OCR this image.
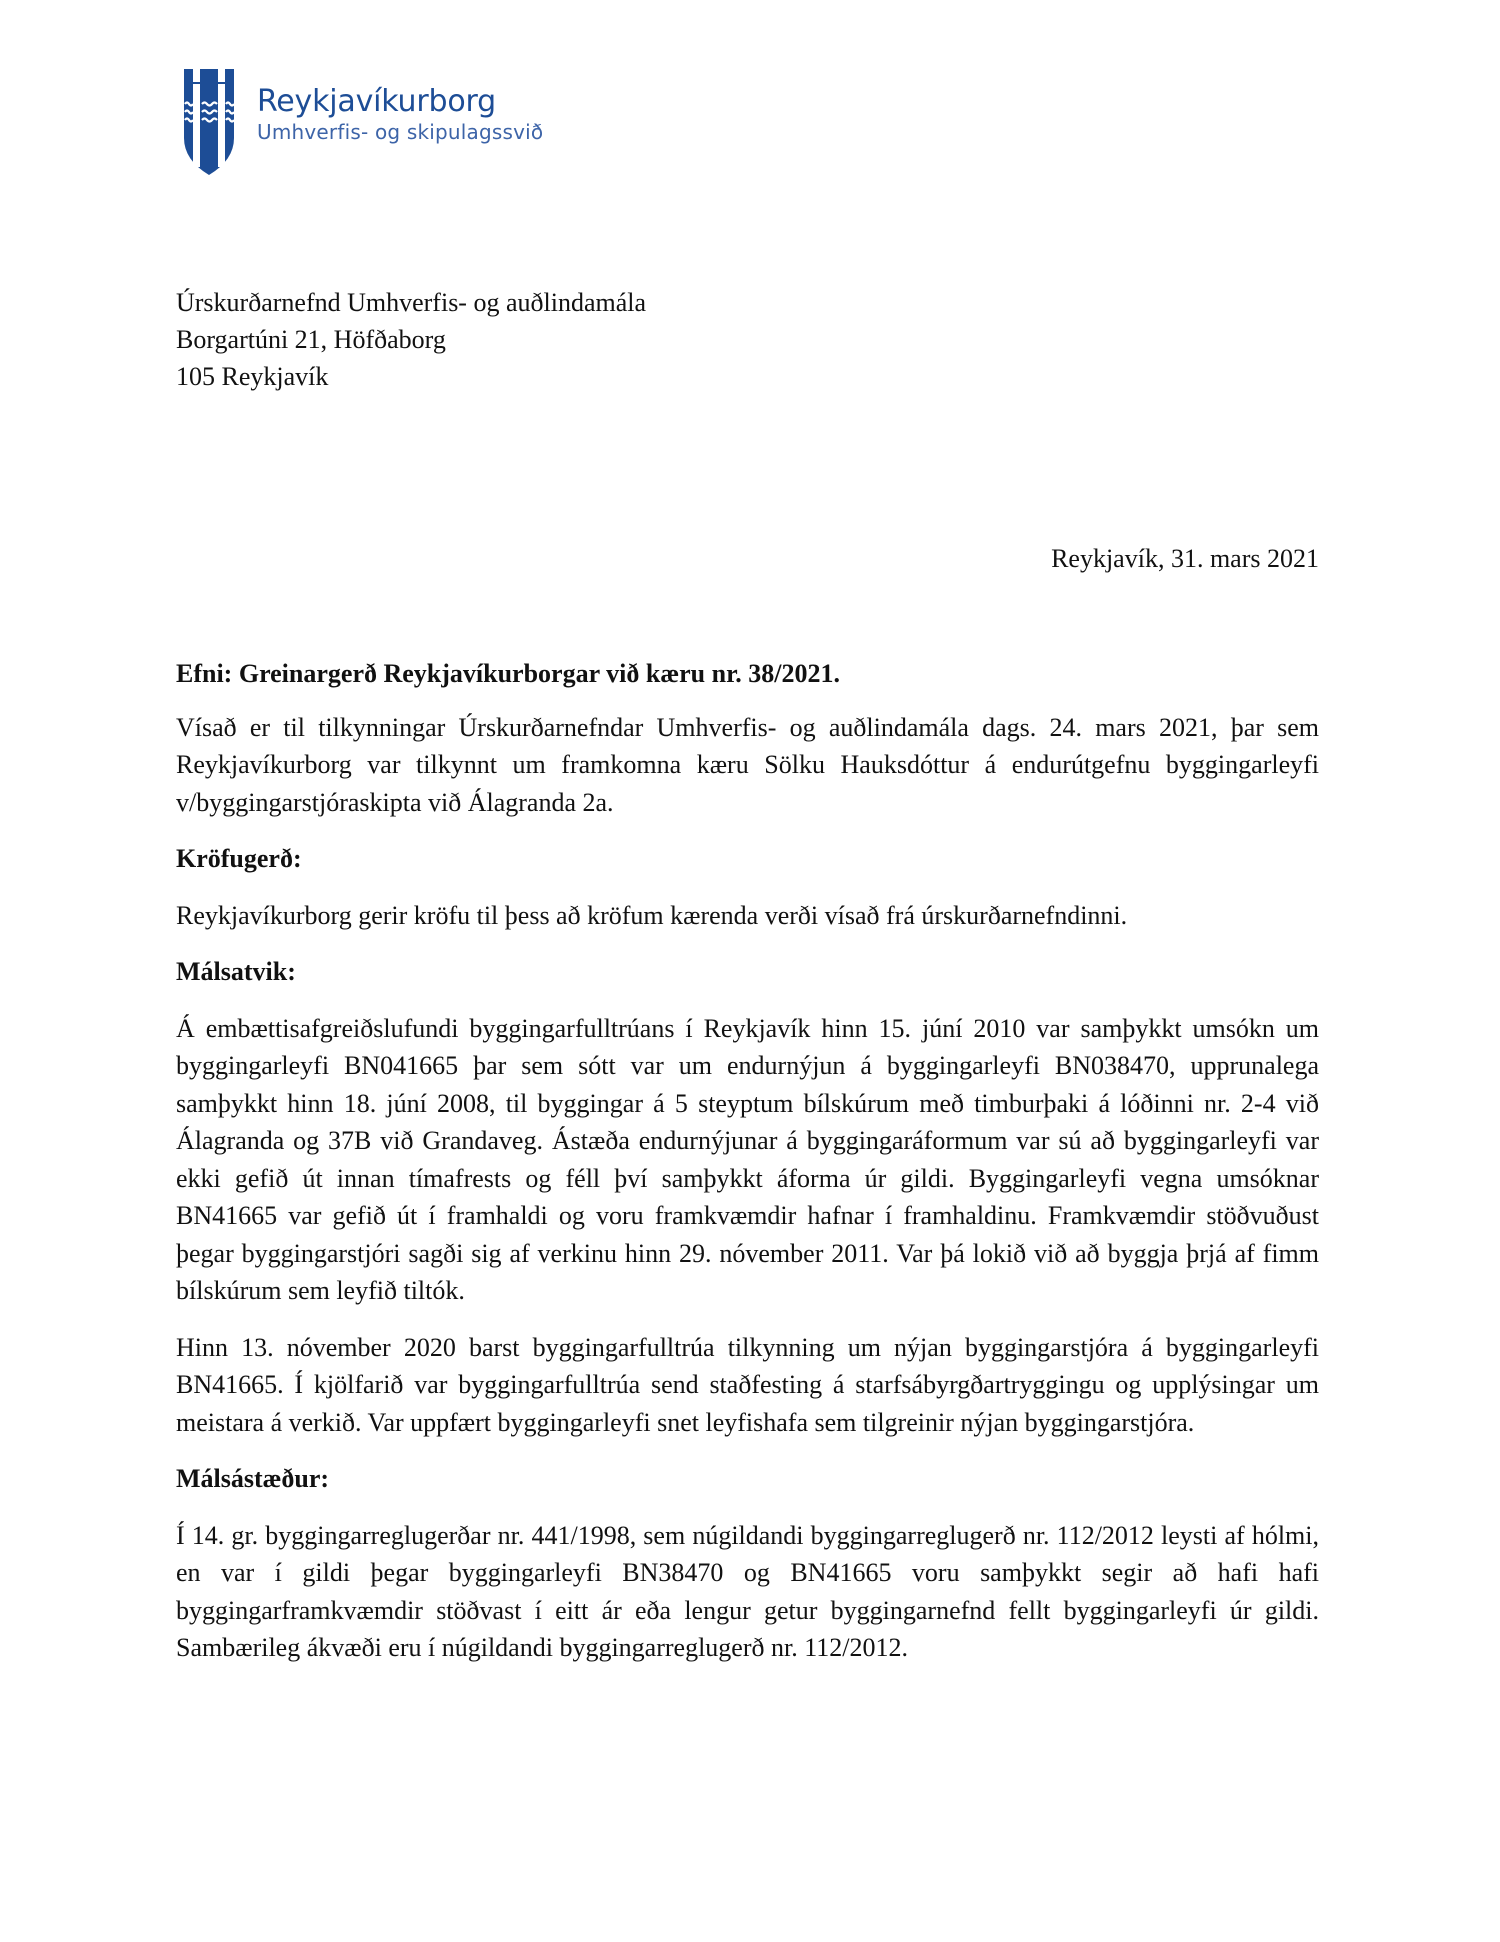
Reykjavíkurborg
Umhverfis- og skipulagssvið
Úrskurðarnefnd Umhverfis- og auðlindamála
Borgartúni 21, Höfðaborg
105 Reykjavík
Reykjavík, 31. mars 2021

Efni: Greinargerð Reykjavíkurborgar við kæru nr. 38/2021.

Vísað er til tilkynningar Úrskurðarnefndar Umhverfis- og auðlindamála dags. 24. mars 2021, þar sem Reykjavíkurborg var tilkynnt um framkomna kæru Sölku Hauksdóttur á endurútgefnu byggingarleyfi v/byggingarstjóraskipta við Álagranda 2a.

Kröfugerð:

Reykjavíkurborg gerir kröfu til þess að kröfum kærenda verði vísað frá úrskurðarnefndinni.

Málsatvik:

Á embættisafgreiðslufundi byggingarfulltrúans í Reykjavík hinn 15. júní 2010 var samþykkt umsókn um byggingarleyfi BN041665 þar sem sótt var um endurnýjun á byggingarleyfi BN038470, upprunalega samþykkt hinn 18. júní 2008, til byggingar á 5 steyptum bílskúrum með timburþaki á lóðinni nr. 2-4 við Álagranda og 37B við Grandaveg. Ástæða endurnýjunar á byggingaráformum var sú að byggingarleyfi var ekki gefið út innan tímafrests og féll því samþykkt áforma úr gildi. Byggingarleyfi vegna umsóknar BN41665 var gefið út í framhaldi og voru framkvæmdir hafnar í framhaldinu. Framkvæmdir stöðvuðust þegar byggingarstjóri sagði sig af verkinu hinn 29. nóvember 2011. Var þá lokið við að byggja þrjá af fimm bílskúrum sem leyfið tiltók.

Hinn 13. nóvember 2020 barst byggingarfulltrúa tilkynning um nýjan byggingarstjóra á byggingarleyfi BN41665. Í kjölfarið var byggingarfulltrúa send staðfesting á starfsábyrgðartryggingu og upplýsingar um meistara á verkið. Var uppfært byggingarleyfi snet leyfishafa sem tilgreinir nýjan byggingarstjóra.

Málsástæður:

Í 14. gr. byggingarreglugerðar nr. 441/1998, sem núgildandi byggingarreglugerð nr. 112/2012 leysti af hólmi, en var í gildi þegar byggingarleyfi BN38470 og BN41665 voru samþykkt segir að hafi hafi byggingarframkvæmdir stöðvast í eitt ár eða lengur getur byggingarnefnd fellt byggingarleyfi úr gildi. Sambærileg ákvæði eru í núgildandi byggingarreglugerð nr. 112/2012.
